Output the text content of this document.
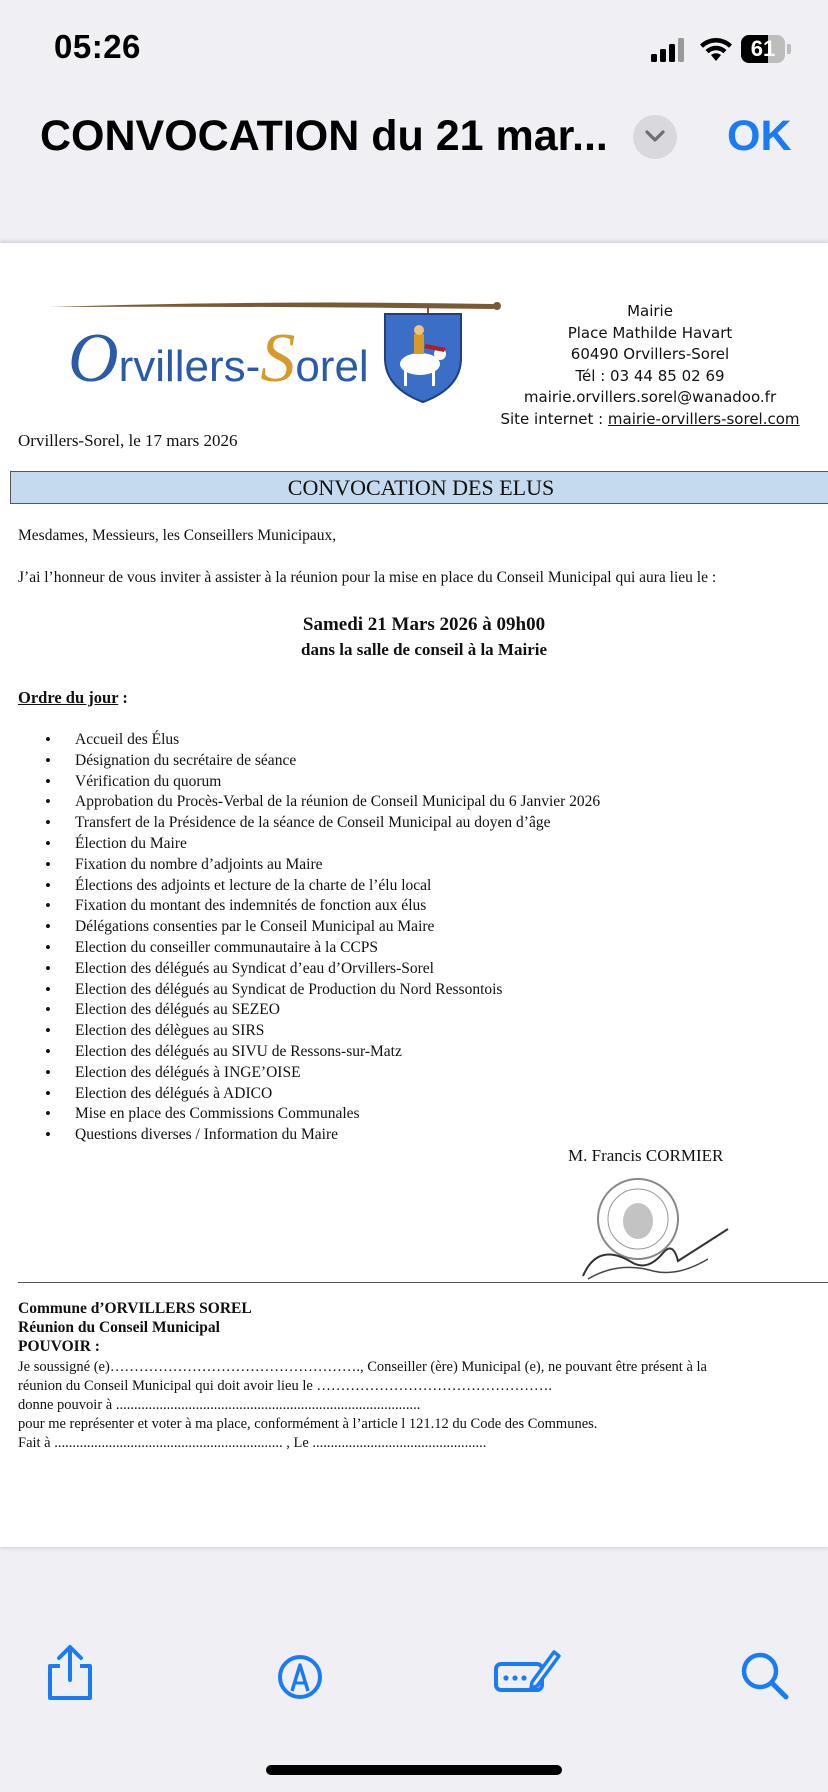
05:26	61
CONVOCATION du 21 mar...	OK
Orvillers-Sorel
Mairie
Place Mathilde Havart
60490 Orvillers-Sorel
Tél : 03 44 85 02 69
mairie.orvillers.sorel@wanadoo.fr
Site internet : mairie-orvillers-sorel.com
Orvillers-Sorel, le 17 mars 2026
CONVOCATION DES ELUS
Mesdames, Messieurs, les Conseillers Municipaux,
J’ai l’honneur de vous inviter à assister à la réunion pour la mise en place du Conseil Municipal qui aura lieu le :
Samedi 21 Mars 2026 à 09h00
dans la salle de conseil à la Mairie
Ordre du jour :
• Accueil des Élus
• Désignation du secrétaire de séance
• Vérification du quorum
• Approbation du Procès-Verbal de la réunion de Conseil Municipal du 6 Janvier 2026
• Transfert de la Présidence de la séance de Conseil Municipal au doyen d’âge
• Élection du Maire
• Fixation du nombre d’adjoints au Maire
• Élections des adjoints et lecture de la charte de l’élu local
• Fixation du montant des indemnités de fonction aux élus
• Délégations consenties par le Conseil Municipal au Maire
• Election du conseiller communautaire à la CCPS
• Election des délégués au Syndicat d’eau d’Orvillers-Sorel
• Election des délégués au Syndicat de Production du Nord Ressontois
• Election des délégués au SEZEO
• Election des délègues au SIRS
• Election des délégués au SIVU de Ressons-sur-Matz
• Election des délégués à INGE’OISE
• Election des délégués à ADICO
• Mise en place des Commissions Communales
• Questions diverses / Information du Maire
M. Francis CORMIER
Commune d’ORVILLERS SOREL
Réunion du Conseil Municipal
POUVOIR :
Je soussigné (e)……………………………………………., Conseiller (ère) Municipal (e), ne pouvant être présent à la
réunion du Conseil Municipal qui doit avoir lieu le ………………………………………….
donne pouvoir à ....................................................................................
pour me représenter et voter à ma place, conformément à l’article l 121.12 du Code des Communes.
Fait à ............................................................... , Le ................................................
